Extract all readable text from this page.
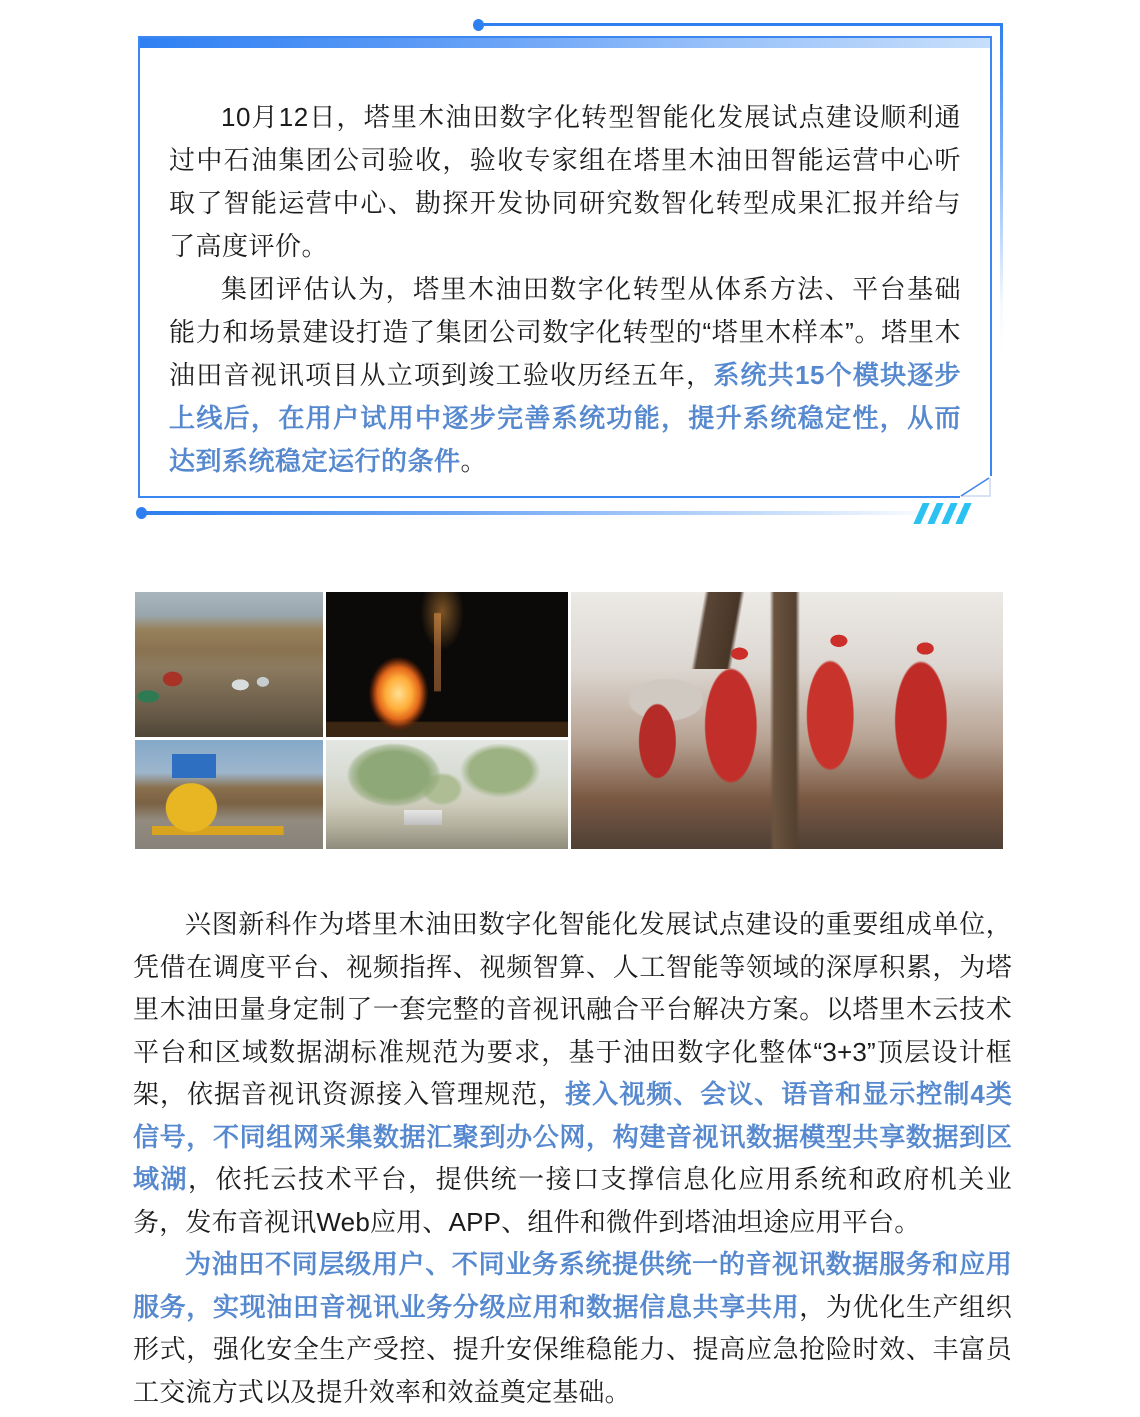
10月12日，塔里木油田数字化转型智能化发展试点建设顺利通过中石油集团公司验收，验收专家组在塔里木油田智能运营中心听取了智能运营中心、勘探开发协同研究数智化转型成果汇报并给与了高度评价。

集团评估认为，塔里木油田数字化转型从体系方法、平台基础能力和场景建设打造了集团公司数字化转型的“塔里木样本”。塔里木油田音视讯项目从立项到竣工验收历经五年，系统共15个模块逐步上线后，在用户试用中逐步完善系统功能，提升系统稳定性，从而达到系统稳定运行的条件。

兴图新科作为塔里木油田数字化智能化发展试点建设的重要组成单位，凭借在调度平台、视频指挥、视频智算、人工智能等领域的深厚积累，为塔里木油田量身定制了一套完整的音视讯融合平台解决方案。以塔里木云技术平台和区域数据湖标准规范为要求，基于油田数字化整体“3+3”顶层设计框架，依据音视讯资源接入管理规范，接入视频、会议、语音和显示控制4类信号，不同组网采集数据汇聚到办公网，构建音视讯数据模型共享数据到区域湖，依托云技术平台，提供统一接口支撑信息化应用系统和政府机关业务，发布音视讯Web应用、APP、组件和微件到塔油坦途应用平台。

为油田不同层级用户、不同业务系统提供统一的音视讯数据服务和应用服务，实现油田音视讯业务分级应用和数据信息共享共用，为优化生产组织形式，强化安全生产受控、提升安保维稳能力、提高应急抢险时效、丰富员工交流方式以及提升效率和效益奠定基础。
